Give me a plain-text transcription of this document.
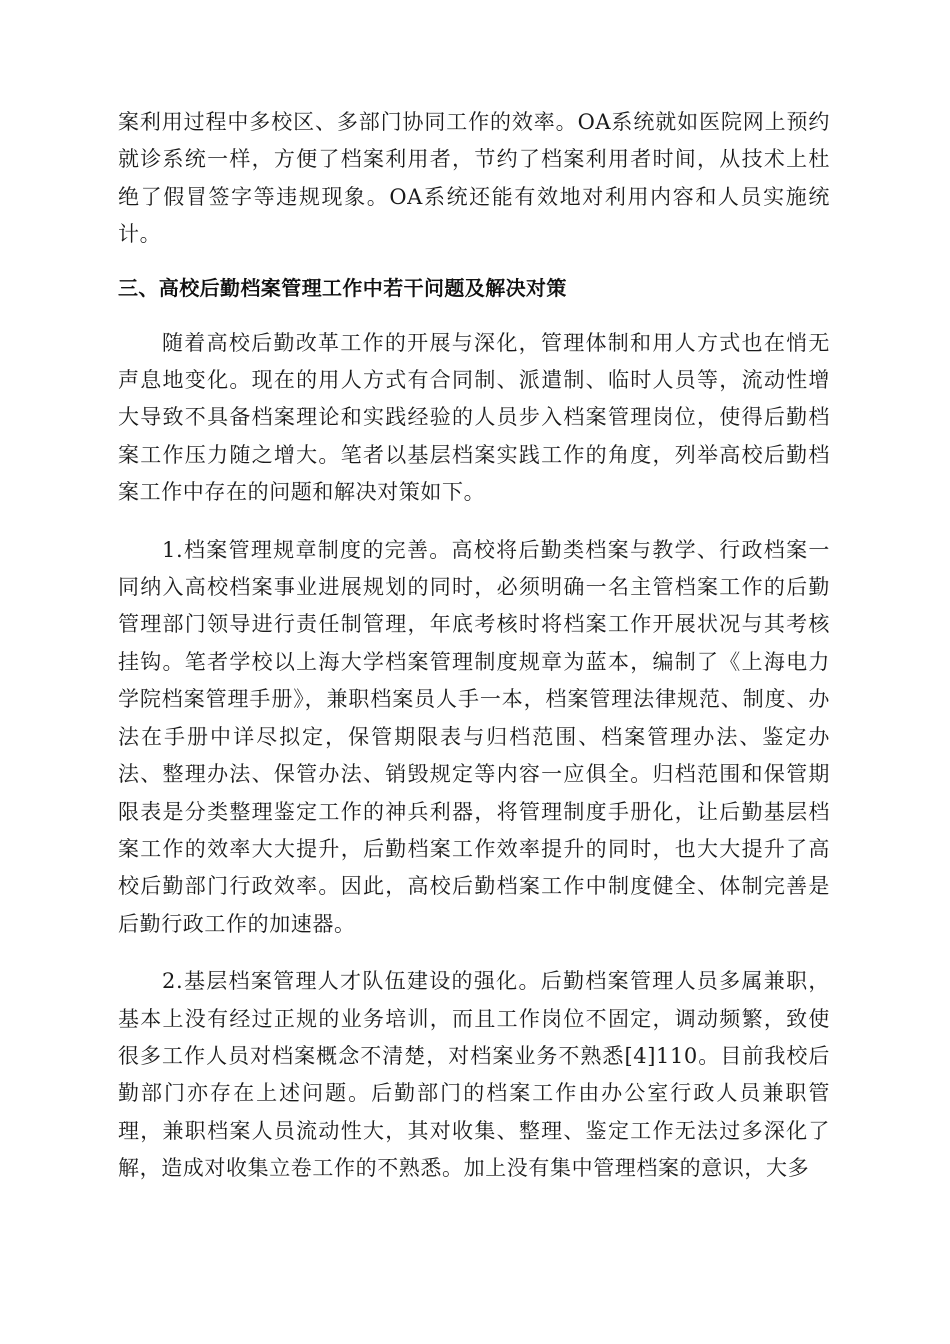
案利用过程中多校区、多部门协同工作的效率。OA系统就如医院网上预约就诊系统一样，方便了档案利用者，节约了档案利用者时间，从技术上杜绝了假冒签字等违规现象。OA系统还能有效地对利用内容和人员实施统计。

三、高校后勤档案管理工作中若干问题及解决对策

随着高校后勤改革工作的开展与深化，管理体制和用人方式也在悄无声息地变化。现在的用人方式有合同制、派遣制、临时人员等，流动性增大导致不具备档案理论和实践经验的人员步入档案管理岗位，使得后勤档案工作压力随之增大。笔者以基层档案实践工作的角度，列举高校后勤档案工作中存在的问题和解决对策如下。

1.档案管理规章制度的完善。高校将后勤类档案与教学、行政档案一同纳入高校档案事业进展规划的同时，必须明确一名主管档案工作的后勤管理部门领导进行责任制管理，年底考核时将档案工作开展状况与其考核挂钩。笔者学校以上海大学档案管理制度规章为蓝本，编制了《上海电力学院档案管理手册》，兼职档案员人手一本，档案管理法律规范、制度、办法在手册中详尽拟定，保管期限表与归档范围、档案管理办法、鉴定办法、整理办法、保管办法、销毁规定等内容一应俱全。归档范围和保管期限表是分类整理鉴定工作的神兵利器，将管理制度手册化，让后勤基层档案工作的效率大大提升，后勤档案工作效率提升的同时，也大大提升了高校后勤部门行政效率。因此，高校后勤档案工作中制度健全、体制完善是后勤行政工作的加速器。

2.基层档案管理人才队伍建设的强化。后勤档案管理人员多属兼职，基本上没有经过正规的业务培训，而且工作岗位不固定，调动频繁，致使很多工作人员对档案概念不清楚，对档案业务不熟悉[4]110。目前我校后勤部门亦存在上述问题。后勤部门的档案工作由办公室行政人员兼职管理，兼职档案人员流动性大，其对收集、整理、鉴定工作无法过多深化了解，造成对收集立卷工作的不熟悉。加上没有集中管理档案的意识，大多
